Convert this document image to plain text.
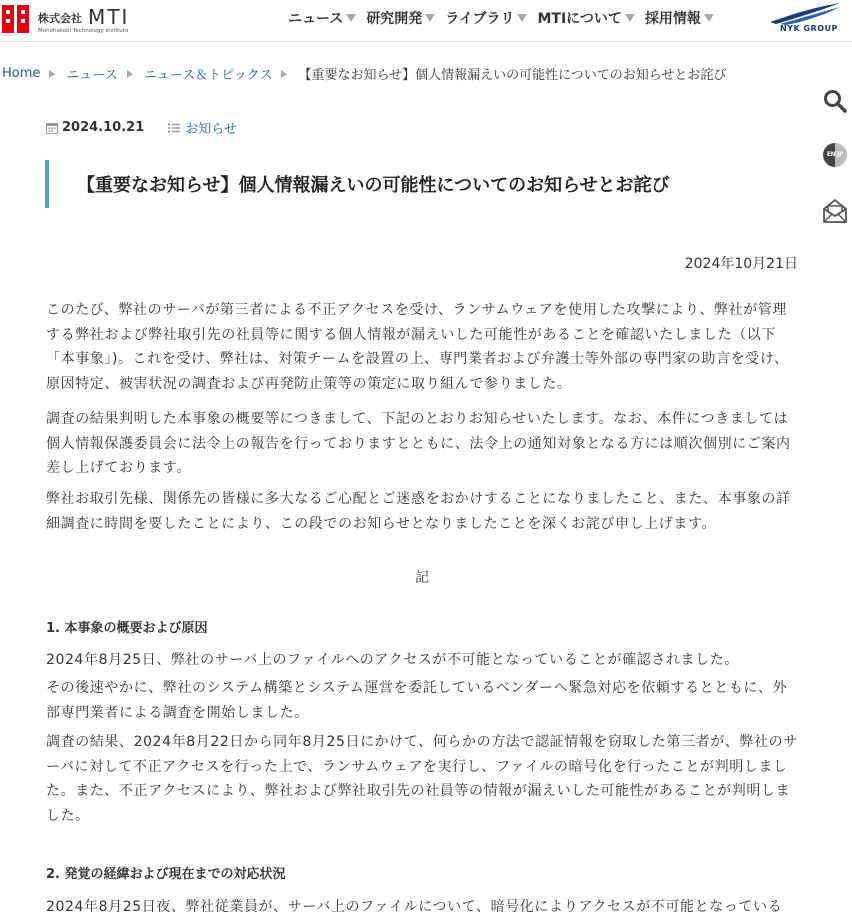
株式会社 MTI
Monohakobi Technology Institute
ニュース 研究開発 ライブラリ MTIについて 採用情報
NYK GROUP
Home ニュース ニュース＆トピックス 【重要なお知らせ】個人情報漏えいの可能性についてのお知らせとお詫び
EN JP
2024.10.21	お知らせ
【重要なお知らせ】個人情報漏えいの可能性についてのお知らせとお詫び
2024年10月21日

このたび、弊社のサーバが第三者による不正アクセスを受け、ランサムウェアを使用した攻撃により、弊社が管理する弊社および弊社取引先の社員等に関する個人情報が漏えいした可能性があることを確認いたしました（以下「本事象」)。これを受け、弊社は、対策チームを設置の上、専門業者および弁護士等外部の専門家の助言を受け、原因特定、被害状況の調査および再発防止策等の策定に取り組んで参りました。

調査の結果判明した本事象の概要等につきまして、下記のとおりお知らせいたします。なお、本件につきましては個人情報保護委員会に法令上の報告を行っておりますとともに、法令上の通知対象となる方には順次個別にご案内差し上げております。

弊社お取引先様、関係先の皆様に多大なるご心配とご迷惑をおかけすることになりましたこと、また、本事象の詳細調査に時間を要したことにより、この段でのお知らせとなりましたことを深くお詫び申し上げます。

記
1. 本事象の概要および原因

2024年8月25日、弊社のサーバ上のファイルへのアクセスが不可能となっていることが確認されました。

その後速やかに、弊社のシステム構築とシステム運営を委託しているベンダーへ緊急対応を依頼するとともに、外部専門業者による調査を開始しました。

調査の結果、2024年8月22日から同年8月25日にかけて、何らかの方法で認証情報を窃取した第三者が、弊社のサーバに対して不正アクセスを行った上で、ランサムウェアを実行し、ファイルの暗号化を行ったことが判明しました。また、不正アクセスにより、弊社および弊社取引先の社員等の情報が漏えいした可能性があることが判明しました。

2. 発覚の経緯および現在までの対応状況

2024年8月25日夜、弊社従業員が、サーバ上のファイルについて、暗号化によりアクセスが不可能となっている
